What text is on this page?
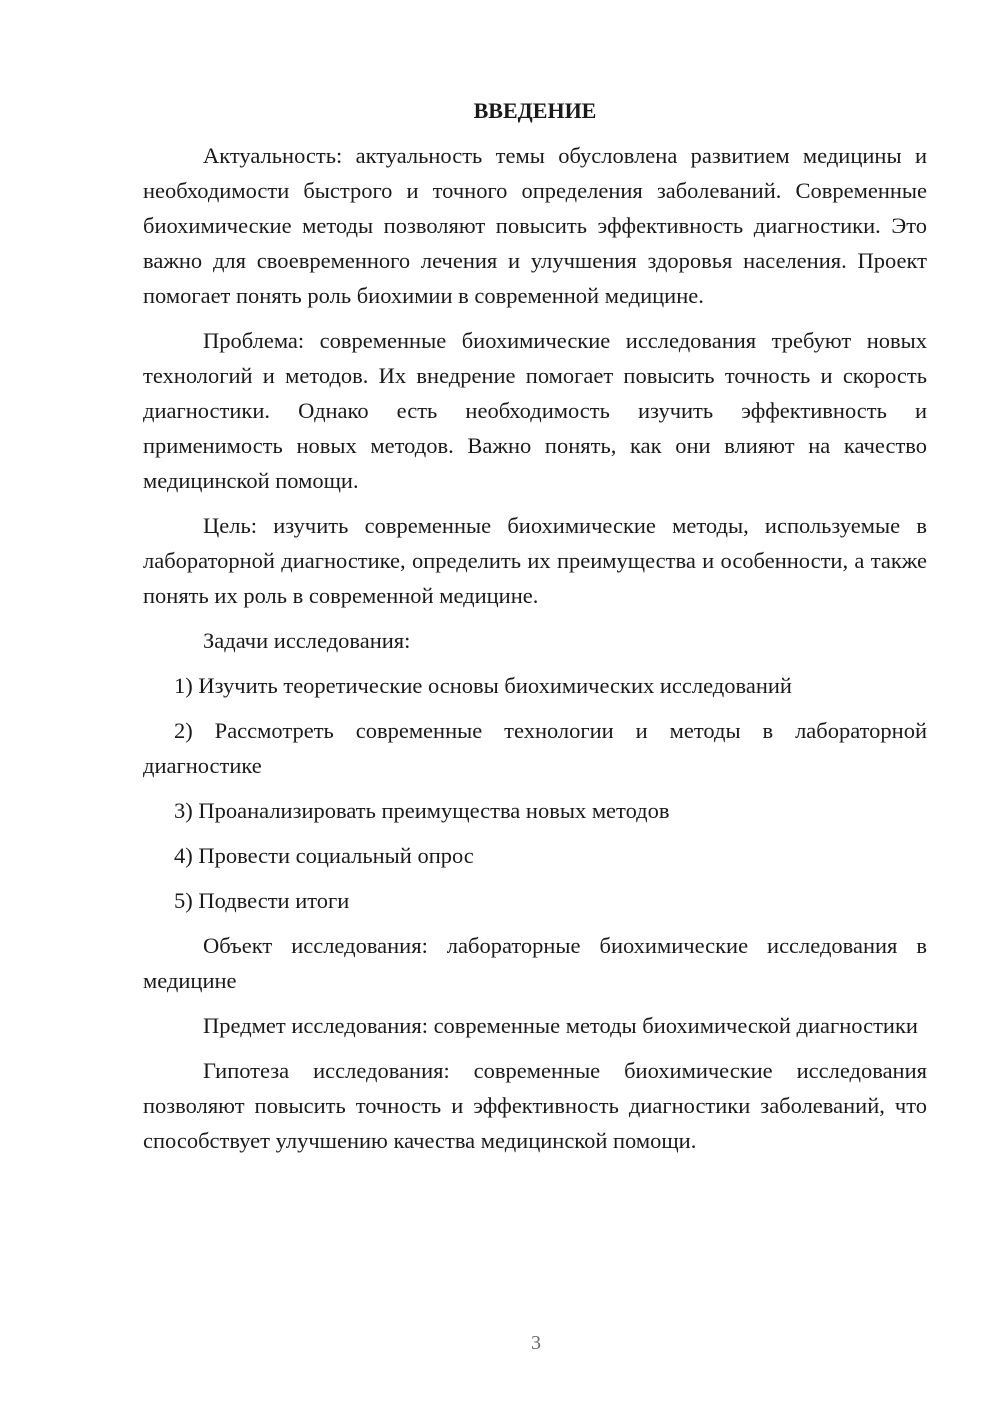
ВВЕДЕНИЕ

Актуальность: актуальность темы обусловлена развитием медицины и необходимости быстрого и точного определения заболеваний. Современные биохимические методы позволяют повысить эффективность диагностики. Это важно для своевременного лечения и улучшения здоровья населения. Проект помогает понять роль биохимии в современной медицине.

Проблема: современные биохимические исследования требуют новых технологий и методов. Их внедрение помогает повысить точность и скорость диагностики. Однако есть необходимость изучить эффективность и применимость новых методов. Важно понять, как они влияют на качество медицинской помощи.

Цель: изучить современные биохимические методы, используемые в лабораторной диагностике, определить их преимущества и особенности, а также понять их роль в современной медицине.

Задачи исследования:

1) Изучить теоретические основы биохимических исследований

2) Рассмотреть современные технологии и методы в лабораторной диагностике

3) Проанализировать преимущества новых методов

4) Провести социальный опрос

5) Подвести итоги

Объект исследования: лабораторные биохимические исследования в медицине

Предмет исследования: современные методы биохимической диагностики

Гипотеза исследования: современные биохимические исследования позволяют повысить точность и эффективность диагностики заболеваний, что способствует улучшению качества медицинской помощи.

3
